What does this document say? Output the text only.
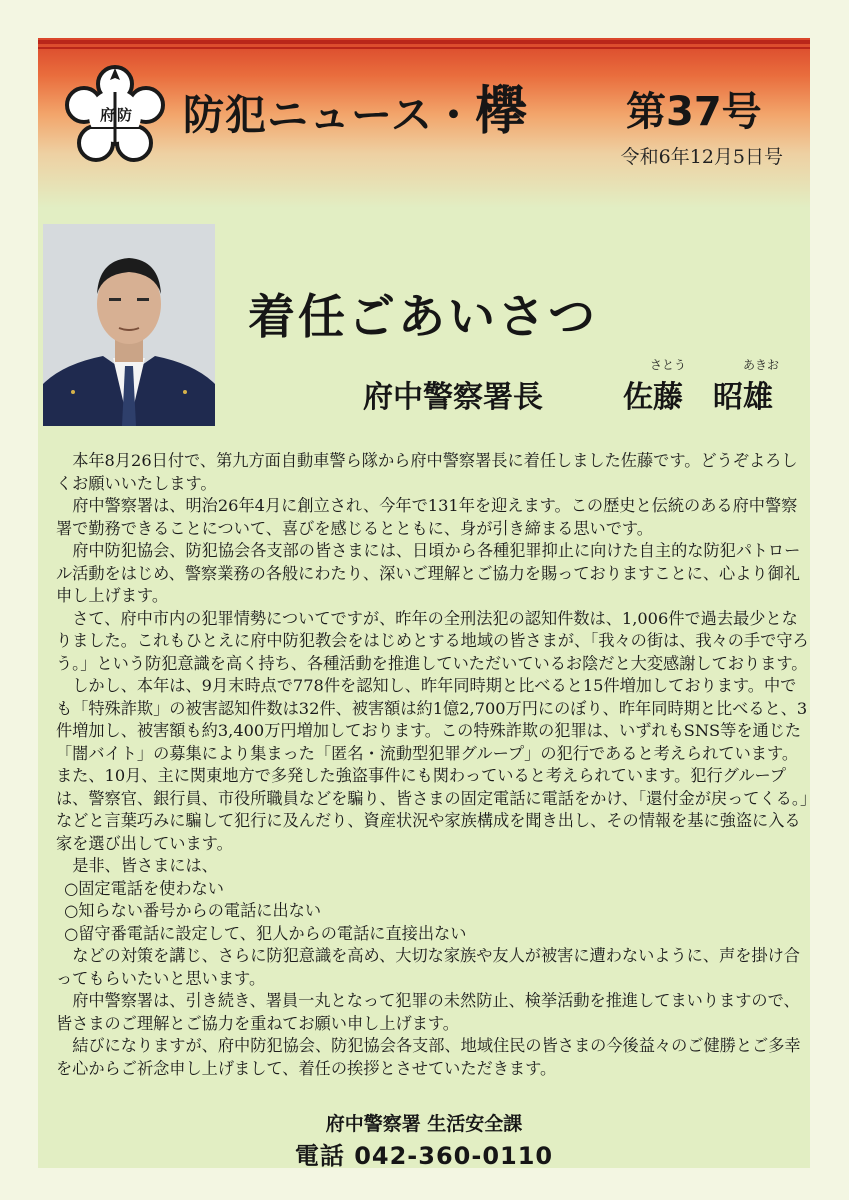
府 防 防犯ニュース・欅 第37号
令和6年12月5日号
着任ごあいさつ
府中警察署長
さとう	あきお
佐藤　昭雄

本年8月26日付で、第九方面自動車警ら隊から府中警察署長に着任しました佐藤です。どうぞよろしくお願いいたします。

府中警察署は、明治26年4月に創立され、今年で131年を迎えます。この歴史と伝統のある府中警察署で勤務できることについて、喜びを感じるとともに、身が引き締まる思いです。

府中防犯協会、防犯協会各支部の皆さまには、日頃から各種犯罪抑止に向けた自主的な防犯パトロール活動をはじめ、警察業務の各般にわたり、深いご理解とご協力を賜っておりますことに、心より御礼申し上げます。

さて、府中市内の犯罪情勢についてですが、昨年の全刑法犯の認知件数は、1,006件で過去最少となりました。これもひとえに府中防犯教会をはじめとする地域の皆さまが、「我々の街は、我々の手で守ろう。」という防犯意識を高く持ち、各種活動を推進していただいているお陰だと大変感謝しております。

しかし、本年は、9月末時点で778件を認知し、昨年同時期と比べると15件増加しております。中でも「特殊詐欺」の被害認知件数は32件、被害額は約1億2,700万円にのぼり、昨年同時期と比べると、3件増加し、被害額も約3,400万円増加しております。この特殊詐欺の犯罪は、いずれもSNS等を通じた「闇バイト」の募集により集まった「匿名・流動型犯罪グループ」の犯行であると考えられています。また、10月、主に関東地方で多発した強盗事件にも関わっていると考えられています。犯行グループは、警察官、銀行員、市役所職員などを騙り、皆さまの固定電話に電話をかけ、「還付金が戻ってくる。」などと言葉巧みに騙して犯行に及んだり、資産状況や家族構成を聞き出し、その情報を基に強盗に入る家を選び出しています。

是非、皆さまには、

○固定電話を使わない

○知らない番号からの電話に出ない

○留守番電話に設定して、犯人からの電話に直接出ない

などの対策を講じ、さらに防犯意識を高め、大切な家族や友人が被害に遭わないように、声を掛け合ってもらいたいと思います。

府中警察署は、引き続き、署員一丸となって犯罪の未然防止、検挙活動を推進してまいりますので、皆さまのご理解とご協力を重ねてお願い申し上げます。

結びになりますが、府中防犯協会、防犯協会各支部、地域住民の皆さまの今後益々のご健勝とご多幸を心からご祈念申し上げまして、着任の挨拶とさせていただきます。

府中警察署 生活安全課
電話 042-360-0110
